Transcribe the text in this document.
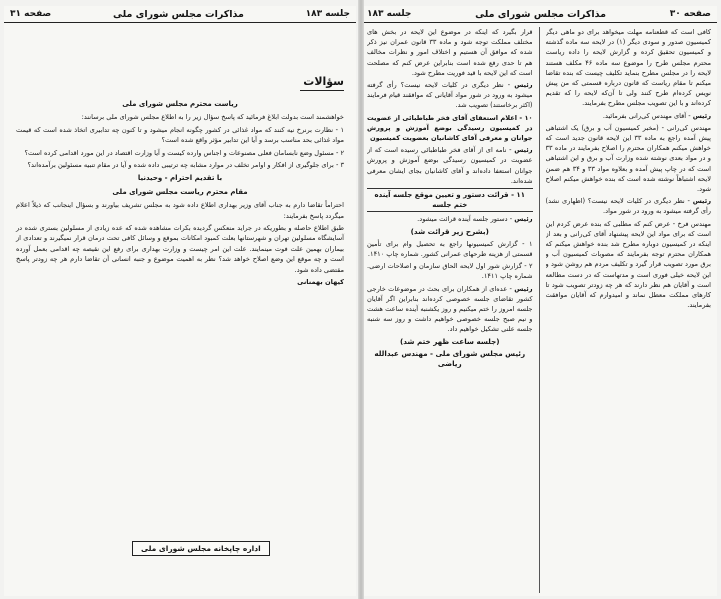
صفحه ۳۰
مذاکرات مجلس شورای ملی
جلسه ۱۸۳

کافی است که قطعنامه مهلت میخواهد برای دو ماهی دیگر کمیسیون صدور و سودی دیگر (۱) در لایحه سه ماده گذشته و کمیسیون تحقیق کرده و گزارش لایحه را داده ریاست محترم مجلس طرح را موضوع سه ماده ۴۶ مکلف هستند لایحه را در مجلس مطرح بنماید تکلیف چیست که بنده تقاضا میکنم تا مقام ریاست که قانون درباره قسمتی که من پیش نویس کرده‌ام طرح کنند ولی تا آن‌که لایحه را که تقدیم کرده‌اند و با این تصویب مجلس مطرح بفرمایند.

رئیس - آقای مهندس کی‌رانی بفرمائید.

مهندس کی‌رانی - (مخبر کمیسیون آب و برق) یک اشتباهی پیش آمده راجع به ماده ۳۳ این لایحه قانون جدید است که خواهش میکنم همکاران محترم را اصلاح بفرمایند در ماده ۳۳ و در مواد بعدی نوشته شده وزارت آب و برق و این اشتباهی است که در چاپ پیش آمده و بعلاوه مواد ۳۳ و ۳۴ هم ضمن لایحه اشتباهاً نوشته شده است که بنده خواهش میکنم اصلاح شود.

رئیس - نظر دیگری در کلیات لایحه نیست؟ (اظهاری نشد) رأی گرفته میشود به ورود در شور مواد.

مهندس فرخ - عرض کنم که مطلبی که بنده عرض کردم این است که برای مواد این لایحه پیشنهاد آقای کی‌رانی و بعد از اینکه در کمیسیون دوباره مطرح شد بنده خواهش میکنم که همکاران محترم توجه بفرمایند که مصوبات کمیسیون آب و برق مورد تصویب قرار گیرد و تکلیف مردم هم روشن شود و این لایحه خیلی فوری است و مدتهاست که در دست مطالعه است و آقایان هم نظر دارند که هر چه زودتر تصویب شود تا کارهای مملکت معطل نماند و امیدوارم که آقایان موافقت بفرمایند.

قرار بگیرد که اینکه در موضوع این لایحه در بخش های مختلف مملکت توجه شود و ماده ۳۳ قانون عمران نیز ذکر شده که موافق آن هستیم و اختلاف امور و نظرات مخالف هم تا حدی رفع شده است بنابراین عرض کنم که مصلحت است که این لایحه با قید فوریت مطرح شود.

رئیس - نظر دیگری در کلیات لایحه نیست؟ رأی گرفته میشود به ورود در شور مواد آقایانی که موافقند قیام فرمایند (اکثر برخاستند) تصویب شد.

۱۰ - اعلام استعفای آقای فخر طباطبائی از عضویت در کمیسیون رسیدگی بوضع آموزش و پرورش جوانان و معرفی آقای کاشانیان بعضویت کمیسیون

رئیس - نامه ای از آقای فخر طباطبائی رسیده است که از عضویت در کمیسیون رسیدگی بوضع آموزش و پرورش جوانان استعفا داده‌اند و آقای کاشانیان بجای ایشان معرفی شده‌اند.

۱۱ - قرائت دستور و تعیین موقع جلسه آینده ختم جلسه

رئیس - دستور جلسه آینده قرائت میشود.

(بشرح زیر قرائت شد)

۱ - گزارش کمیسیونها راجع به تحصیل وام برای تأمین قسمتی از هزینه طرحهای عمرانی کشور. شماره چاپ ۱۴۱۰.

۲ - گزارش شور اول لایحه الحاق سازمان و اصلاحات ارضی. شماره چاپ ۱۴۱۱.

رئیس - عده‌ای از همکاران برای بحث در موضوعات خارجی کشور تقاضای جلسه خصوصی کرده‌اند بنابراین اگر آقایان جلسه امروز را ختم میکنیم و روز یکشنبه آینده ساعت هشت و نیم صبح جلسه خصوصی خواهیم داشت و روز سه شنبه جلسه علنی تشکیل خواهیم داد.

(جلسه ساعت ظهر ختم شد)

رئیس مجلس شورای ملی - مهندس عبدالله ریاضی

جلسه ۱۸۳
مذاکرات مجلس شورای ملی
صفحه ۳۱
سؤالات

ریاست محترم مجلس شورای ملی

خواهشمند است بدولت ابلاغ فرمائید که پاسخ سؤال زیر را به اطلاع مجلس شورای ملی برسانند:

۱ - نظارت برنرخ نیه کنند که مواد غذائی در کشور چگونه انجام میشود و تا کنون چه تدابیری اتخاذ شده است که قیمت مواد غذائی بحد مناسب برسد و آیا این تدابیر مؤثر واقع شده است؟

۲ - مسئول وضع نابسامان فعلی مصنوعات و اجناس وارده کیست و آیا وزارت اقتصاد در این مورد اقدامی کرده است؟

۳ - برای جلوگیری از افکار و اوامر تخلف در موارد مشابه چه ترتیبی داده شده و آیا در مقام تنبیه مسئولین برآمده‌اند؟

با تقدیم احترام - وحیدنیا

مقام محترم ریاست مجلس شورای ملی

احتراماً تقاضا دارم به جناب آقای وزیر بهداری اطلاع داده شود به مجلس تشریف بیاورند و بسؤال اینجانب که ذیلاً اعلام میگردد پاسخ بفرمایند:

طبق اطلاع حاصله و بطوریکه در جراید منعکس گردیده بکرات مشاهده شده که عده زیادی از مسلولین بستری شده در آسایشگاه مسلولین تهران و شهرستانها بعلت کمبود امکانات بموقع و وسائل کافی تحت درمان قرار نمیگیرند و تعدادی از بیماران بهمین علت فوت مینمایند. علت این امر چیست و وزارت بهداری برای رفع این نقیصه چه اقدامی بعمل آورده است و چه موقع این وضع اصلاح خواهد شد؟ نظر به اهمیت موضوع و جنبه انسانی آن تقاضا دارم هر چه زودتر پاسخ مقتضی داده شود.

کیهان بهمنانی

اداره چاپخانه مجلس شورای ملی
